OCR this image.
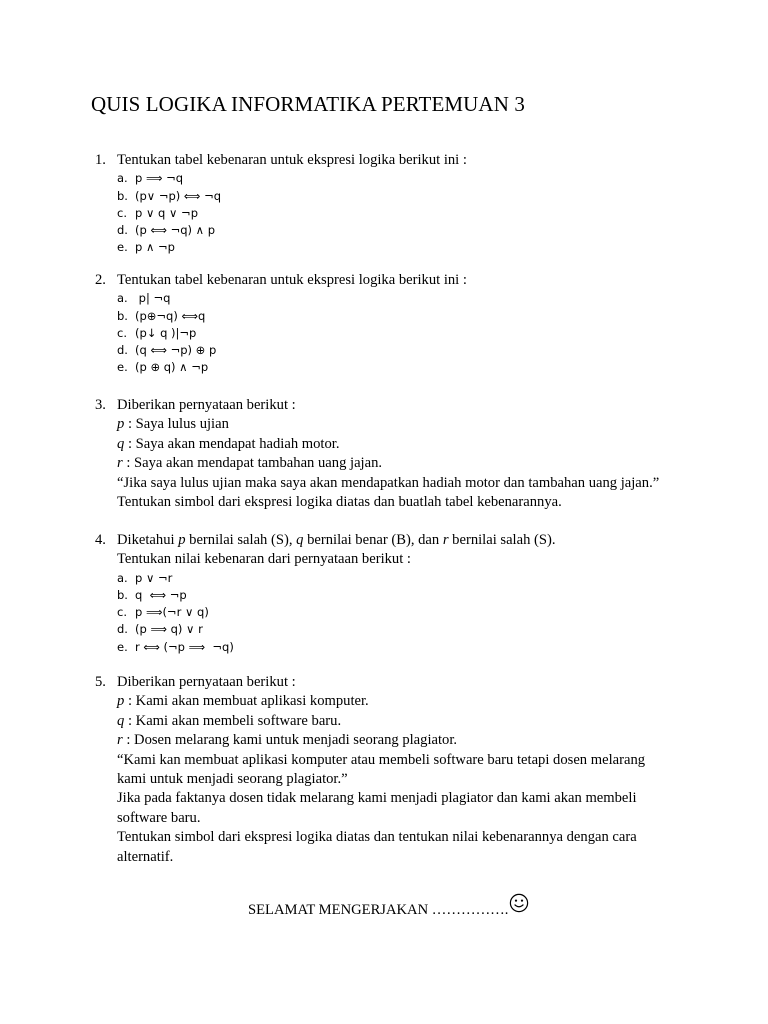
QUIS LOGIKA INFORMATIKA PERTEMUAN 3
1. Tentukan tabel kebenaran untuk ekspresi logika berikut ini :
a. p ⟹ ¬q
b. (p∨ ¬p) ⟺ ¬q
c. p ∨ q ∨ ¬p
d. (p ⟺ ¬q) ∧ p
e. p ∧ ¬p
2. Tentukan tabel kebenaran untuk ekspresi logika berikut ini :
a. p| ¬q
b. (p⊕¬q) ⟺q
c. (p↓ q )|¬p
d. (q ⟺ ¬p) ⊕ p
e. (p ⊕ q) ∧ ¬p
3. Diberikan pernyataan berikut :
p : Saya lulus ujian
q : Saya akan mendapat hadiah motor.
r : Saya akan mendapat tambahan uang jajan.
“Jika saya lulus ujian maka saya akan mendapatkan hadiah motor dan tambahan uang jajan.”
Tentukan simbol dari ekspresi logika diatas dan buatlah tabel kebenarannya.
4. Diketahui p bernilai salah (S), q bernilai benar (B), dan r bernilai salah (S).
Tentukan nilai kebenaran dari pernyataan berikut :
a. p ∨ ¬r
b. q  ⟺ ¬p
c. p ⟹(¬r ∨ q)
d. (p ⟹ q) ∨ r
e. r ⟺ (¬p ⟹  ¬q)
5. Diberikan pernyataan berikut :
p : Kami akan membuat aplikasi komputer.
q : Kami akan membeli software baru.
r : Dosen melarang kami untuk menjadi seorang plagiator.
“Kami kan membuat aplikasi komputer atau membeli software baru tetapi dosen melarang
kami untuk menjadi seorang plagiator.”
Jika pada faktanya dosen tidak melarang kami menjadi plagiator dan kami akan membeli
software baru.
Tentukan simbol dari ekspresi logika diatas dan tentukan nilai kebenarannya dengan cara
alternatif.
SELAMAT MENGERJAKAN …………….
